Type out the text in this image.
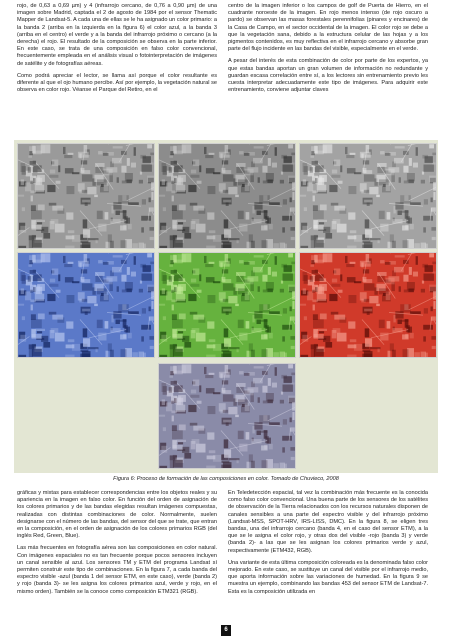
rojo, de 0,63 a 0,69 µm) y 4 (infrarrojo cercano, de 0,76 a 0,90 µm) de una imagen sobre Madrid, captada el 2 de agosto de 1984 por el sensor Thematic Mapper de Landsat-5. A cada una de ellas se le ha asignado un color primario: a la banda 2 (arriba en la izquierda en la figura 6) el color azul, a la banda 3 (arriba en el centro) el verde y a la banda del infrarrojo próximo o cercano (a la derecha) el rojo. El resultado de la composición se observa en la parte inferior. En este caso, se trata de una composición en falso color convencional, frecuentemente empleada en el análisis visual o fotointerpretación de imágenes de satélite y de fotografías aéreas.

Como podrá apreciar el lector, se llama así porque el color resultante es diferente al que el ojo humano percibe. Así por ejemplo, la vegetación natural se observa en color rojo. Véanse el Parque del Retiro, en el

centro de la imagen inferior o los campos de golf de Puerta de Hierro, en el cuadrante noroeste de la imagen. En rojo menos intenso (de rojo oscuro a pardo) se observan las masas forestales perennifolias (pinares y encinares) de la Casa de Campo, en el sector occidental de la imagen. El color rojo se debe a que la vegetación sana, debido a la estructura celular de las hojas y a los pigmentos contenidos, es muy reflectiva en el infrarrojo cercano y absorbe gran parte del flujo incidente en las bandas del visible, especialmente en el verde.

A pesar del interés de esta combinación de color por parte de los expertos, ya que estas bandas aportan un gran volumen de información no redundante y guardan escasa correlación entre sí, a los lectores sin entrenamiento previo les cuesta interpretar adecuadamente este tipo de imágenes. Para adquirir este entrenamiento, conviene adjuntar claves

Figura 6: Proceso de formación de las composiciones en color. Tomado de Chuvieco, 2008

gráficas y mixtas para establecer correspondencias entre los objetos reales y su apariencia en la imagen en falso color. En función del orden de asignación de los colores primarios y de las bandas elegidas resultan imágenes compuestas, realizadas con distintas combinaciones de color. Normalmente, suelen designarse con el número de las bandas, del sensor del que se trate, que entran en la composición, en el orden de asignación de los colores primarios RGB (del inglés Red, Green, Blue).

Las más frecuentes en fotografía aérea son las composiciones en color natural. Con imágenes espaciales no es tan frecuente porque pocos sensores incluyen un canal sensible al azul. Los sensores TM y ETM del programa Landsat sí permiten construir este tipo de combinaciones. En la figura 7, a cada banda del espectro visible -azul (banda 1 del sensor ETM, en este caso), verde (banda 2) y rojo (banda 3)- se les asigna los colores primarios azul, verde y rojo, en el mismo orden). También se la conoce como composición ETM321 (RGB).

En Teledetección espacial, tal vez la combinación más frecuente es la conocida como falso color convencional. Una buena parte de los sensores de los satélites de observación de la Tierra relacionados con los recursos naturales disponen de canales sensibles a una parte del espectro visible y del infrarrojo próximo (Landsat-MSS, SPOT-HRV, IRS-LISS, DMC). En la figura 8, se eligen tres bandas, una del infrarrojo cercano (banda 4, en el caso del sensor ETM), a la que se le asigna el color rojo, y otras dos del visible -rojo (banda 3) y verde (banda 2)- a las que se les asignan los colores primarios verde y azul, respectivamente (ETM432, RGB).

Una variante de esta última composición coloreada es la denominada falso color mejorado. En este caso, se sustituye un canal del visible por el infrarrojo medio, que aporta información sobre las variaciones de humedad. En la figura 9 se muestra un ejemplo, combinando las bandas 453 del sensor ETM de Landsat-7. Esta es la composición utilizada en

6
